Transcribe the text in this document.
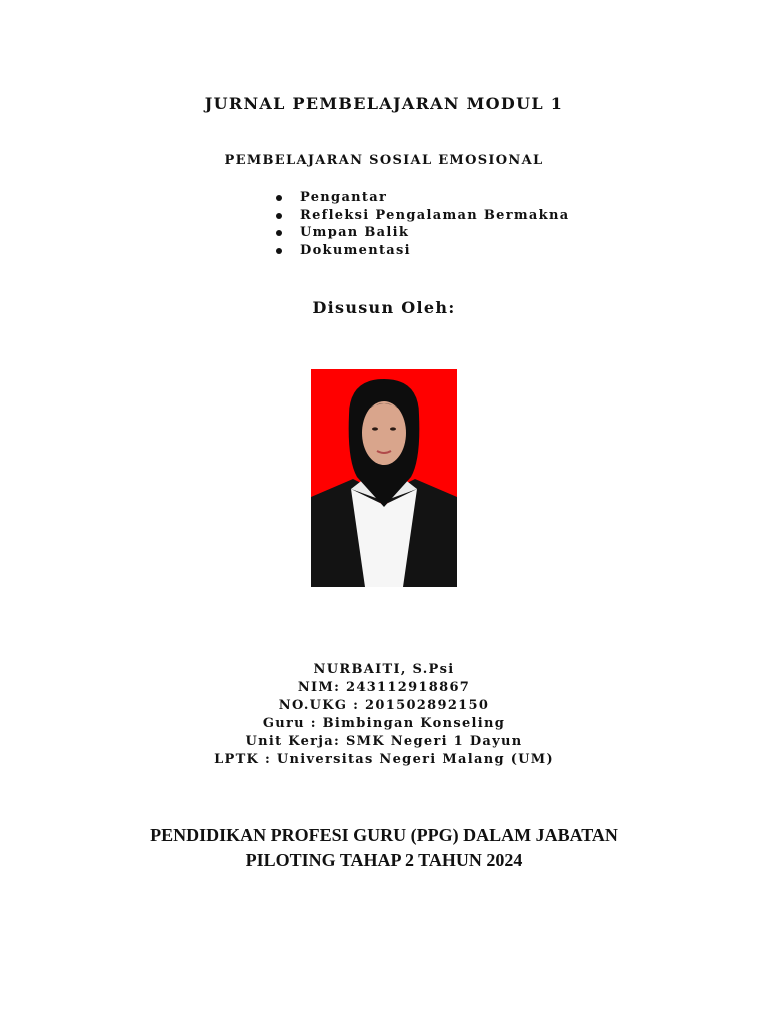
JURNAL PEMBELAJARAN MODUL 1
PEMBELAJARAN SOSIAL EMOSIONAL
Pengantar
Refleksi Pengalaman Bermakna
Umpan Balik
Dokumentasi
Disusun Oleh:
NURBAITI, S.Psi
NIM: 243112918867
NO.UKG : 201502892150
Guru : Bimbingan Konseling
Unit Kerja: SMK Negeri 1 Dayun
LPTK : Universitas Negeri Malang (UM)
PENDIDIKAN PROFESI GURU (PPG) DALAM JABATAN
PILOTING TAHAP 2 TAHUN 2024
